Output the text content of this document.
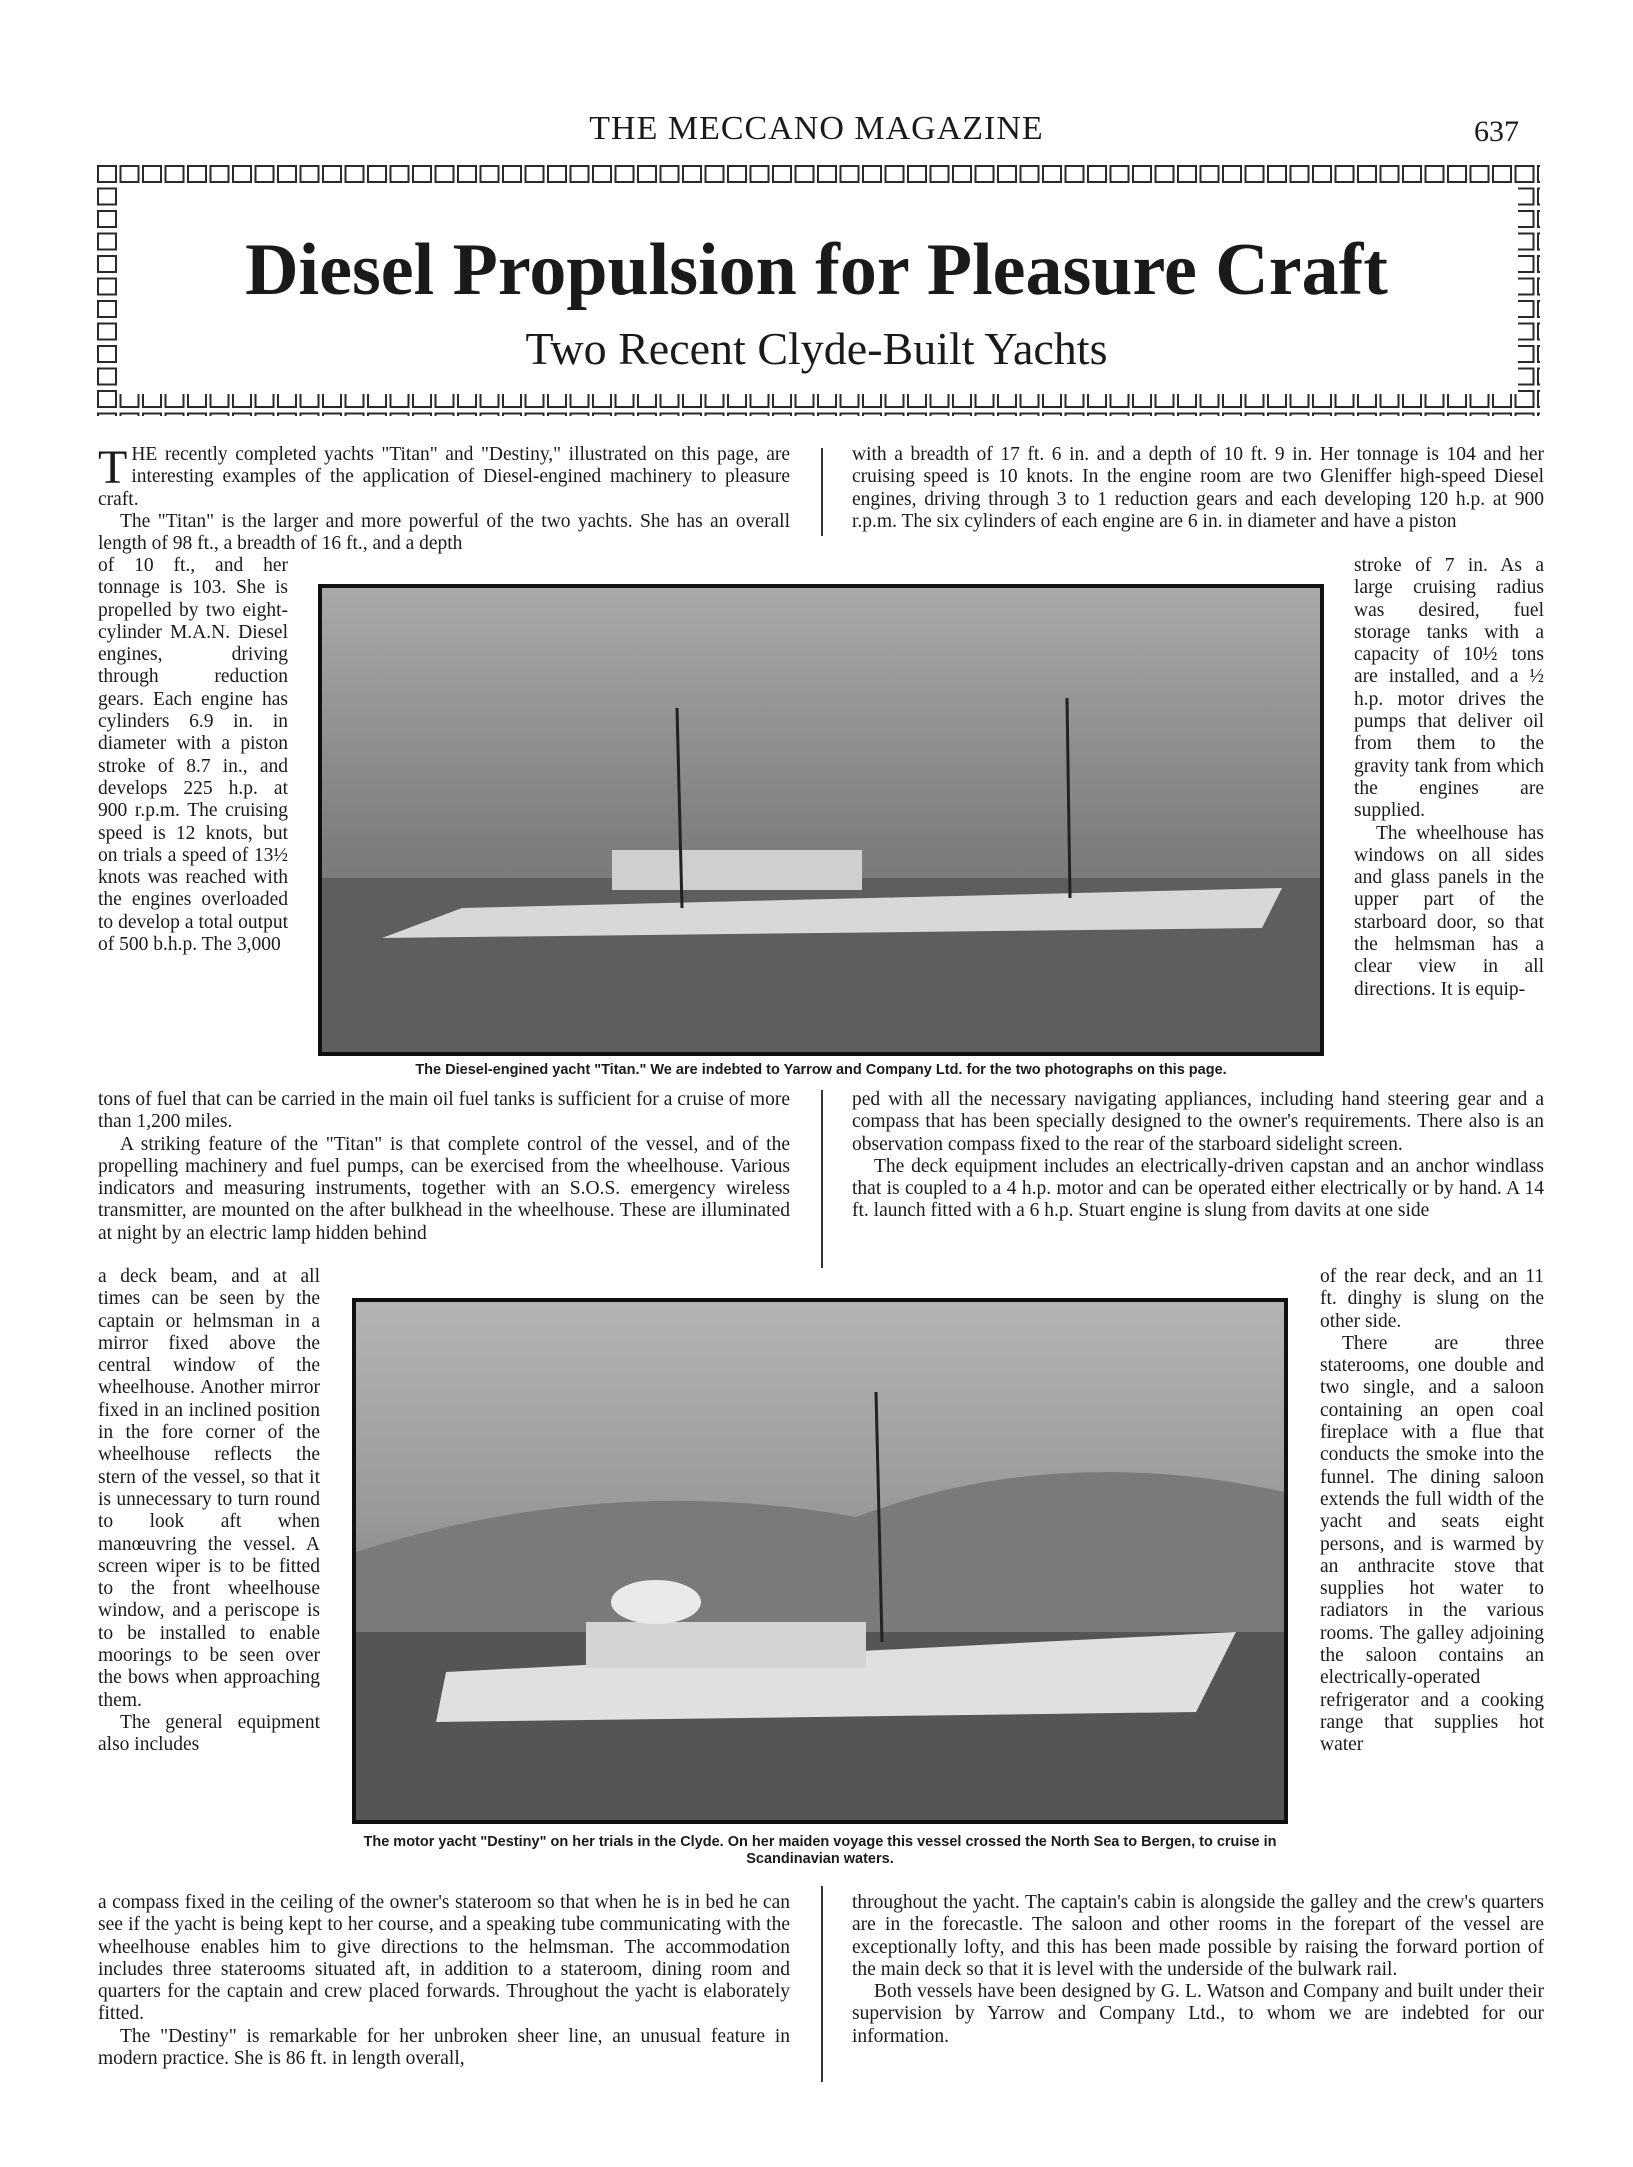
THE MECCANO MAGAZINE	637
Diesel Propulsion for Pleasure Craft
Two Recent Clyde-Built Yachts

THE recently completed yachts "Titan" and "Destiny," illustrated on this page, are interesting examples of the application of Diesel-engined machinery to pleasure craft.

The "Titan" is the larger and more powerful of the two yachts. She has an overall length of 98 ft., a breadth of 16 ft., and a depth

of 10 ft., and her tonnage is 103. She is propelled by two eight-cylinder M.A.N. Diesel engines, driving through reduction gears. Each engine has cylinders 6.9 in. in diameter with a piston stroke of 8.7 in., and develops 225 h.p. at 900 r.p.m. The cruising speed is 12 knots, but on trials a speed of 13½ knots was reached with the engines overloaded to develop a total output of 500 b.h.p. The 3,000

The Diesel-engined yacht "Titan." We are indebted to Yarrow and Company Ltd. for the two photographs on this page.

with a breadth of 17 ft. 6 in. and a depth of 10 ft. 9 in. Her tonnage is 104 and her cruising speed is 10 knots. In the engine room are two Gleniffer high-speed Diesel engines, driving through 3 to 1 reduction gears and each developing 120 h.p. at 900 r.p.m. The six cylinders of each engine are 6 in. in diameter and have a piston

stroke of 7 in. As a large cruising radius was desired, fuel storage tanks with a capacity of 10½ tons are installed, and a ½ h.p. motor drives the pumps that deliver oil from them to the gravity tank from which the engines are supplied.

The wheelhouse has windows on all sides and glass panels in the upper part of the starboard door, so that the helmsman has a clear view in all directions. It is equip-

tons of fuel that can be carried in the main oil fuel tanks is sufficient for a cruise of more than 1,200 miles.

A striking feature of the "Titan" is that complete control of the vessel, and of the propelling machinery and fuel pumps, can be exercised from the wheelhouse. Various indicators and measuring instruments, together with an S.O.S. emergency wireless transmitter, are mounted on the after bulkhead in the wheelhouse. These are illuminated at night by an electric lamp hidden behind

ped with all the necessary navigating appliances, including hand steering gear and a compass that has been specially designed to the owner's requirements. There also is an observation compass fixed to the rear of the starboard sidelight screen.

The deck equipment includes an electrically-driven capstan and an anchor windlass that is coupled to a 4 h.p. motor and can be operated either electrically or by hand. A 14 ft. launch fitted with a 6 h.p. Stuart engine is slung from davits at one side

a deck beam, and at all times can be seen by the captain or helmsman in a mirror fixed above the central window of the wheelhouse. Another mirror fixed in an inclined position in the fore corner of the wheelhouse reflects the stern of the vessel, so that it is unnecessary to turn round to look aft when manœuvring the vessel. A screen wiper is to be fitted to the front wheelhouse window, and a periscope is to be installed to enable moorings to be seen over the bows when approaching them.

The general equipment also includes

The motor yacht "Destiny" on her trials in the Clyde. On her maiden voyage this vessel crossed the North Sea to Bergen, to cruise in Scandinavian waters.

of the rear deck, and an 11 ft. dinghy is slung on the other side.

There are three staterooms, one double and two single, and a saloon containing an open coal fireplace with a flue that conducts the smoke into the funnel. The dining saloon extends the full width of the yacht and seats eight persons, and is warmed by an anthracite stove that supplies hot water to radiators in the various rooms. The galley adjoining the saloon contains an electrically-operated refrigerator and a cooking range that supplies hot water

a compass fixed in the ceiling of the owner's stateroom so that when he is in bed he can see if the yacht is being kept to her course, and a speaking tube communicating with the wheelhouse enables him to give directions to the helmsman. The accommodation includes three staterooms situated aft, in addition to a stateroom, dining room and quarters for the captain and crew placed forwards. Throughout the yacht is elaborately fitted.

The "Destiny" is remarkable for her unbroken sheer line, an unusual feature in modern practice. She is 86 ft. in length overall,

throughout the yacht. The captain's cabin is alongside the galley and the crew's quarters are in the forecastle. The saloon and other rooms in the forepart of the vessel are exceptionally lofty, and this has been made possible by raising the forward portion of the main deck so that it is level with the underside of the bulwark rail.

Both vessels have been designed by G. L. Watson and Company and built under their supervision by Yarrow and Company Ltd., to whom we are indebted for our information.
